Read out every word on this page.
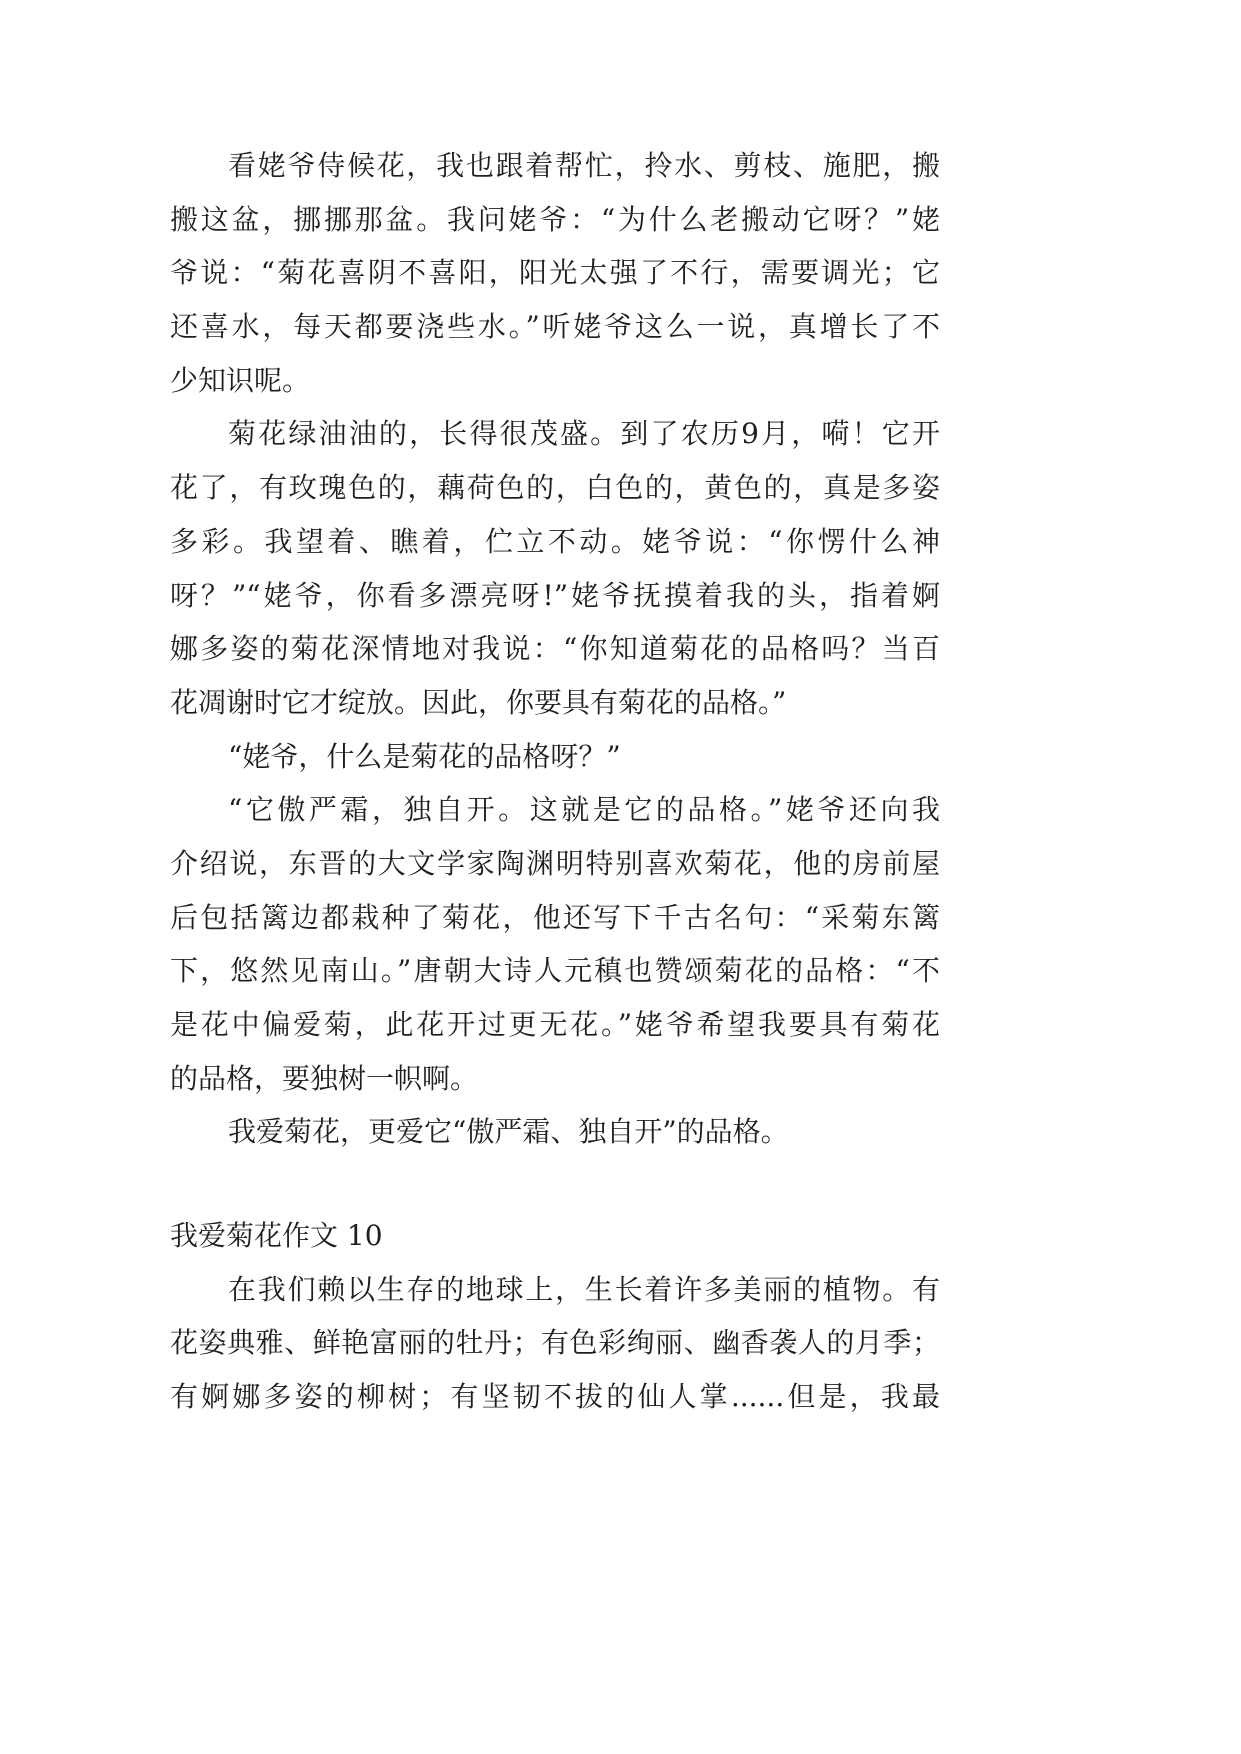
看姥爷侍候花，我也跟着帮忙，拎水、剪枝、施肥，搬
搬这盆，挪挪那盆。我问姥爷：“为什么老搬动它呀？”姥
爷说：“菊花喜阴不喜阳，阳光太强了不行，需要调光；它
还喜水，每天都要浇些水。”听姥爷这么一说，真增长了不
少知识呢。
菊花绿油油的，长得很茂盛。到了农历9月，嗬！它开
花了，有玫瑰色的，藕荷色的，白色的，黄色的，真是多姿
多彩。我望着、瞧着，伫立不动。姥爷说：“你愣什么神
呀？”“姥爷，你看多漂亮呀!”姥爷抚摸着我的头，指着婀
娜多姿的菊花深情地对我说：“你知道菊花的品格吗？当百
花凋谢时它才绽放。因此，你要具有菊花的品格。”
“姥爷，什么是菊花的品格呀？”
“它傲严霜，独自开。这就是它的品格。”姥爷还向我
介绍说，东晋的大文学家陶渊明特别喜欢菊花，他的房前屋
后包括篱边都栽种了菊花，他还写下千古名句：“采菊东篱
下，悠然见南山。”唐朝大诗人元稹也赞颂菊花的品格：“不
是花中偏爱菊，此花开过更无花。”姥爷希望我要具有菊花
的品格，要独树一帜啊。
我爱菊花，更爱它“傲严霜、独自开”的品格。
我爱菊花作文 10
在我们赖以生存的地球上，生长着许多美丽的植物。有
花姿典雅、鲜艳富丽的牡丹；有色彩绚丽、幽香袭人的月季；
有婀娜多姿的柳树；有坚韧不拔的仙人掌......但是，我最
